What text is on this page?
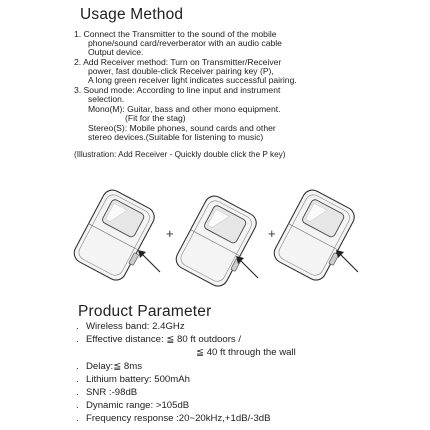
Usage Method
1. Connect the Transmitter to the sound of the mobile
phone/sound card/reverberator with an audio cable
Output device.
2. Add Receiver method: Turn on Transmitter/Receiver
power, fast double-click Receiver pairing key (P),
A long green receiver light indicates successful pairing.
3. Sound mode: According to line input and instrument
selection.
Mono(M): Guitar, bass and other mono equipment.
(Fit for the stag)
Stereo(S): Mobile phones, sound cards and other
stereo devices.(Suitable for listening to music)
(Illustration: Add Receiver - Quickly double click the P key)
+	+
Product Parameter
. Wireless band: 2.4GHz
. Effective distance: ≦ 80 ft outdoors /
≦ 40 ft through the wall
. Delay:≦ 8ms
. Lithium battery: 500mAh
. SNR :-98dB
. Dynamic range: >105dB
. Frequency response :20~20kHz,+1dB/-3dB
